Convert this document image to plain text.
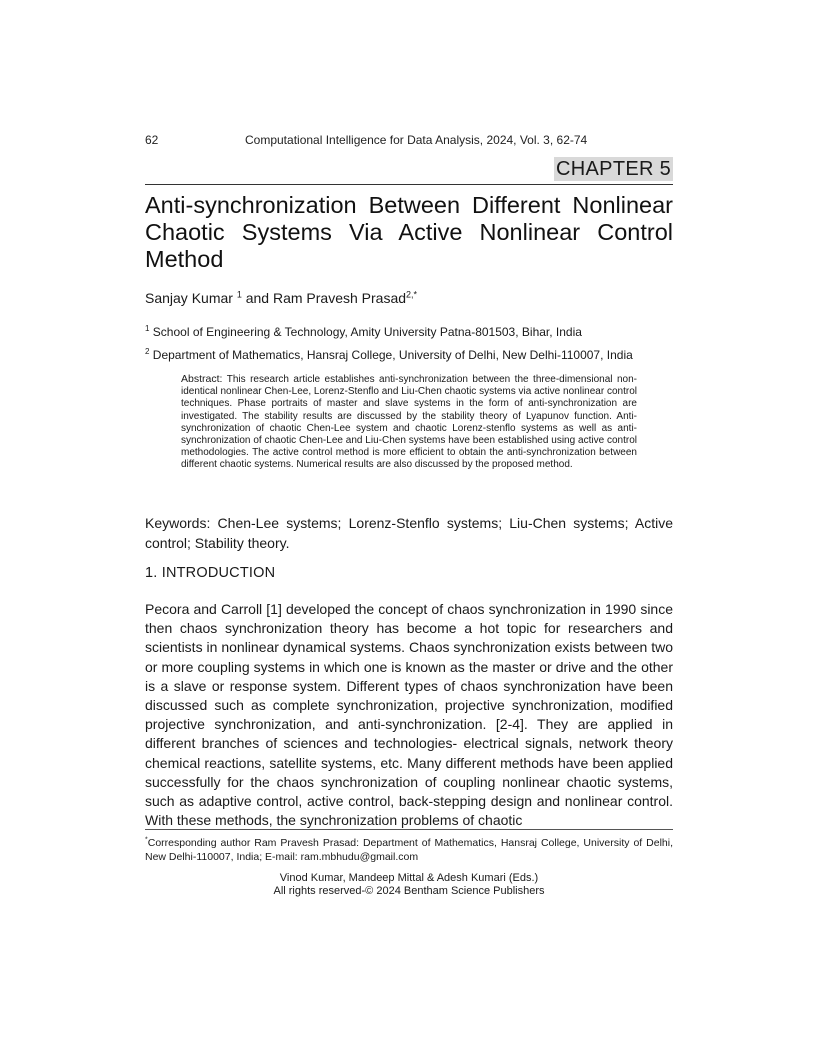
62	Computational Intelligence for Data Analysis, 2024, Vol. 3, 62-74
CHAPTER 5
Anti-synchronization Between Different Nonlinear Chaotic Systems Via Active Nonlinear Control Method
Sanjay Kumar $^1$ and Ram Pravesh Prasad$^{2,*}$
$^1$ School of Engineering & Technology, Amity University Patna-801503, Bihar, India
$^2$ Department of Mathematics, Hansraj College, University of Delhi, New Delhi-110007, India
Abstract: This research article establishes anti-synchronization between the three-dimensional non-identical nonlinear Chen-Lee, Lorenz-Stenflo and Liu-Chen chaotic systems via active nonlinear control techniques. Phase portraits of master and slave systems in the form of anti-synchronization are investigated. The stability results are discussed by the stability theory of Lyapunov function. Anti-synchronization of chaotic Chen-Lee system and chaotic Lorenz-stenflo systems as well as anti-synchronization of chaotic Chen-Lee and Liu-Chen systems have been established using active control methodologies. The active control method is more efficient to obtain the anti-synchronization between different chaotic systems. Numerical results are also discussed by the proposed method.
Keywords: Chen-Lee systems; Lorenz-Stenflo systems; Liu-Chen systems; Active control; Stability theory.
1. INTRODUCTION
Pecora and Carroll [1] developed the concept of chaos synchronization in 1990 since then chaos synchronization theory has become a hot topic for researchers and scientists in nonlinear dynamical systems. Chaos synchronization exists between two or more coupling systems in which one is known as the master or drive and the other is a slave or response system. Different types of chaos synchronization have been discussed such as complete synchronization, projective synchronization, modified projective synchronization, and anti-synchronization. [2-4]. They are applied in different branches of sciences and technologies- electrical signals, network theory chemical reactions, satellite systems, etc. Many different methods have been applied successfully for the chaos synchronization of coupling nonlinear chaotic systems, such as adaptive control, active control, back-stepping design and nonlinear control. With these methods, the synchronization problems of chaotic
*Corresponding author Ram Pravesh Prasad: Department of Mathematics, Hansraj College, University of Delhi, New Delhi-110007, India; E-mail: ram.mbhudu@gmail.com
Vinod Kumar, Mandeep Mittal & Adesh Kumari (Eds.)
All rights reserved-© 2024 Bentham Science Publishers
